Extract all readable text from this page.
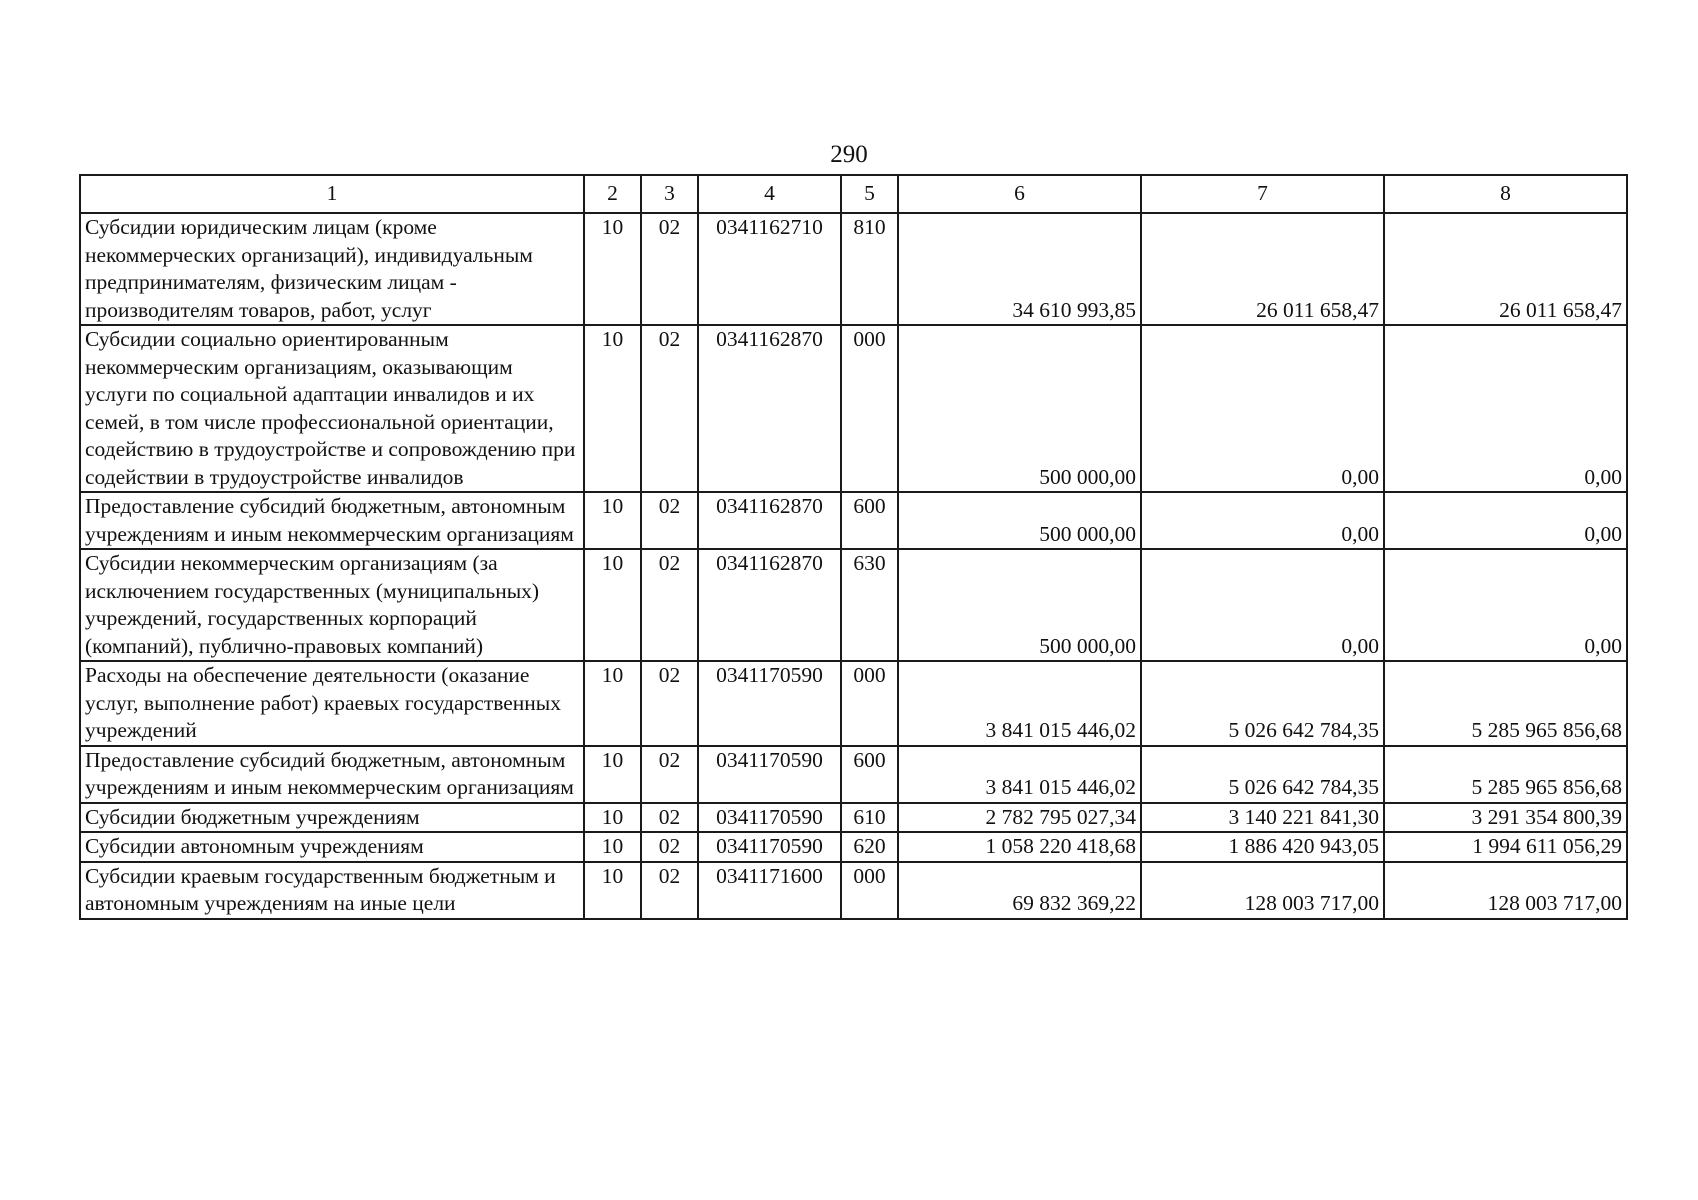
290
1	2	3	4	5	6	7	8
Субсидии юридическим лицам (кроме некоммерческих организаций), индивидуальным предпринимателям, физическим лицам - производителям товаров, работ, услуг	10	02	0341162710	810	34 610 993,85	26 011 658,47	26 011 658,47
Субсидии социально ориентированным некоммерческим организациям, оказывающим услуги по социальной адаптации инвалидов и их семей, в том числе профессиональной ориентации, содействию в трудоустройстве и сопровождению при содействии в трудоустройстве инвалидов	10	02	0341162870	000	500 000,00	0,00	0,00
Предоставление субсидий бюджетным, автономным учреждениям и иным некоммерческим организациям	10	02	0341162870	600	500 000,00	0,00	0,00
Субсидии некоммерческим организациям (за исключением государственных (муниципальных) учреждений, государственных корпораций (компаний), публично-правовых компаний)	10	02	0341162870	630	500 000,00	0,00	0,00
Расходы на обеспечение деятельности (оказание услуг, выполнение работ) краевых государственных учреждений	10	02	0341170590	000	3 841 015 446,02	5 026 642 784,35	5 285 965 856,68
Предоставление субсидий бюджетным, автономным учреждениям и иным некоммерческим организациям	10	02	0341170590	600	3 841 015 446,02	5 026 642 784,35	5 285 965 856,68
Субсидии бюджетным учреждениям	10	02	0341170590	610	2 782 795 027,34	3 140 221 841,30	3 291 354 800,39
Субсидии автономным учреждениям	10	02	0341170590	620	1 058 220 418,68	1 886 420 943,05	1 994 611 056,29
Субсидии краевым государственным бюджетным и автономным учреждениям на иные цели	10	02	0341171600	000	69 832 369,22	128 003 717,00	128 003 717,00
